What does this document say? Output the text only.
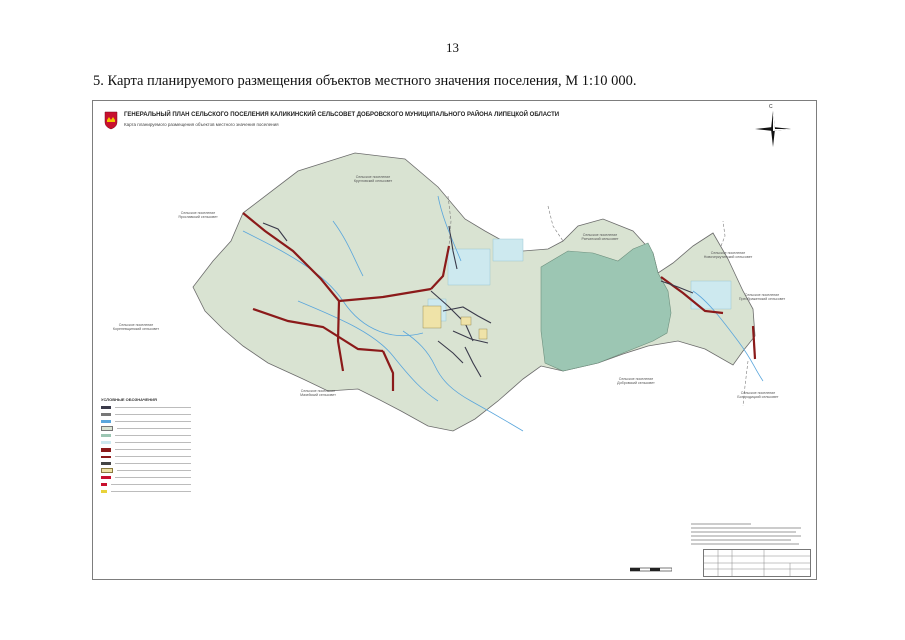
13
5. Карта планируемого размещения объектов местного значения поселения, М 1:10 000.
ГЕНЕРАЛЬНЫЙ ПЛАН СЕЛЬСКОГО ПОСЕЛЕНИЯ КАЛИКИНСКИЙ СЕЛЬСОВЕТ ДОБРОВСКОГО МУНИЦИПАЛЬНОГО РАЙОНА ЛИПЕЦКОЙ ОБЛАСТИ
Карта планируемого размещения объектов местного значения поселения
С
Сельское поселение
Кругловский сельсовет
Сельское поселение
Ярославский сельсовет
Сельское поселение
Ратчинский сельсовет
Сельское поселение
Кореневщинский сельсовет
Сельское поселение
Преображенский сельсовет
Сельское поселение
Новочеркутинский сельсовет
Сельское поселение
Добровский сельсовет
Сельское поселение
Богородицкий сельсовет
Сельское поселение
Мазейский сельсовет
УСЛОВНЫЕ ОБОЗНАЧЕНИЯ
